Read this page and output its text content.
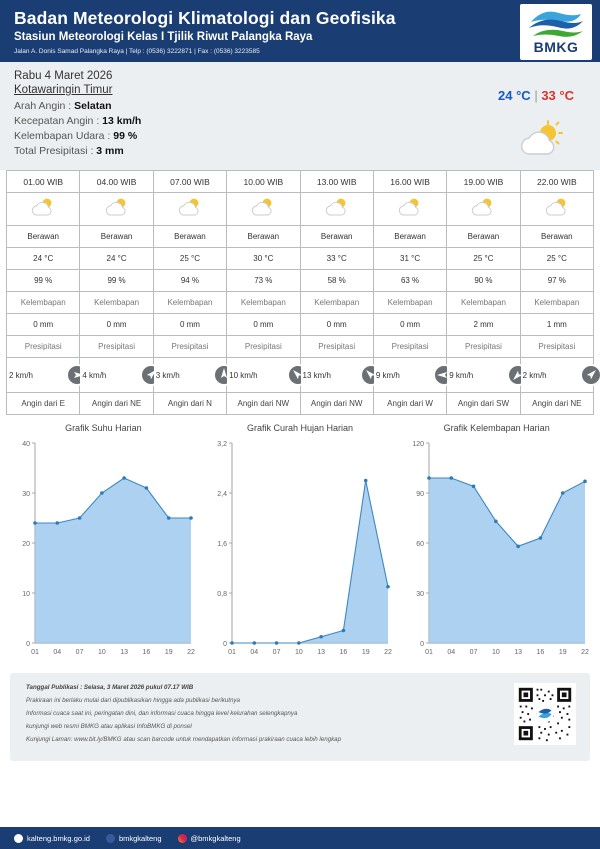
Badan Meteorologi Klimatologi dan Geofisika
Stasiun Meteorologi Kelas I Tjilik Riwut Palangka Raya
Jalan A. Donis Samad Palangka Raya | Telp : (0536) 3222871 | Fax : (0536) 3223585	BMKG
Rabu 4 Maret 2026
Kotawaringin Timur
Arah Angin : Selatan
Kecepatan Angin : 13 km/h
Kelembapan Udara : 99 %
Total Presipitasi : 3 mm
24 °C | 33 °C
01.00 WIB	04.00 WIB	07.00 WIB	10.00 WIB	13.00 WIB	16.00 WIB	19.00 WIB	22.00 WIB

Berawan	Berawan	Berawan	Berawan	Berawan	Berawan	Berawan	Berawan
24 °C	24 °C	25 °C	30 °C	33 °C	31 °C	25 °C	25 °C
99 %	99 %	94 %	73 %	58 %	63 %	90 %	97 %
Kelembapan	Kelembapan	Kelembapan	Kelembapan	Kelembapan	Kelembapan	Kelembapan	Kelembapan
0 mm	0 mm	0 mm	0 mm	0 mm	0 mm	2 mm	1 mm
Presipitasi	Presipitasi	Presipitasi	Presipitasi	Presipitasi	Presipitasi	Presipitasi	Presipitasi

2 km/h	4 km/h	3 km/h	10 km/h	13 km/h	9 km/h	9 km/h	2 km/h

Angin dari E	Angin dari NE	Angin dari N	Angin dari NW	Angin dari NW	Angin dari W	Angin dari SW	Angin dari NE
Grafik Suhu Harian
0
10
20
30
40
01 04 07 10 13 16 19 22
Grafik Curah Hujan Harian
0
0,8
1,6
2,4
3,2
01 04 07 10 13 16 19 22
Grafik Kelembapan Harian
0
30
60
90
120
01 04 07 10 13 16 19 22

Tanggal Publikasi : Selasa, 3 Maret 2026 pukul 07.17 WIB

Prakiraan ini berlaku mulai dari dipublikasikan hingga ada publikasi berikutnya

Informasi cuaca saat ini, peringatan dini, dan informasi cuaca hingga level kelurahan selengkapnya

kunjungi web resmi BMKG atau aplikasi InfoBMKG di ponsel

Kunjungi Laman: www.bit.ly/BMKG atau scan barcode untuk mendapatkan informasi prakiraan cuaca lebih lengkap

kalteng.bmkg.go.id	bmkgkalteng	@bmkgkalteng
